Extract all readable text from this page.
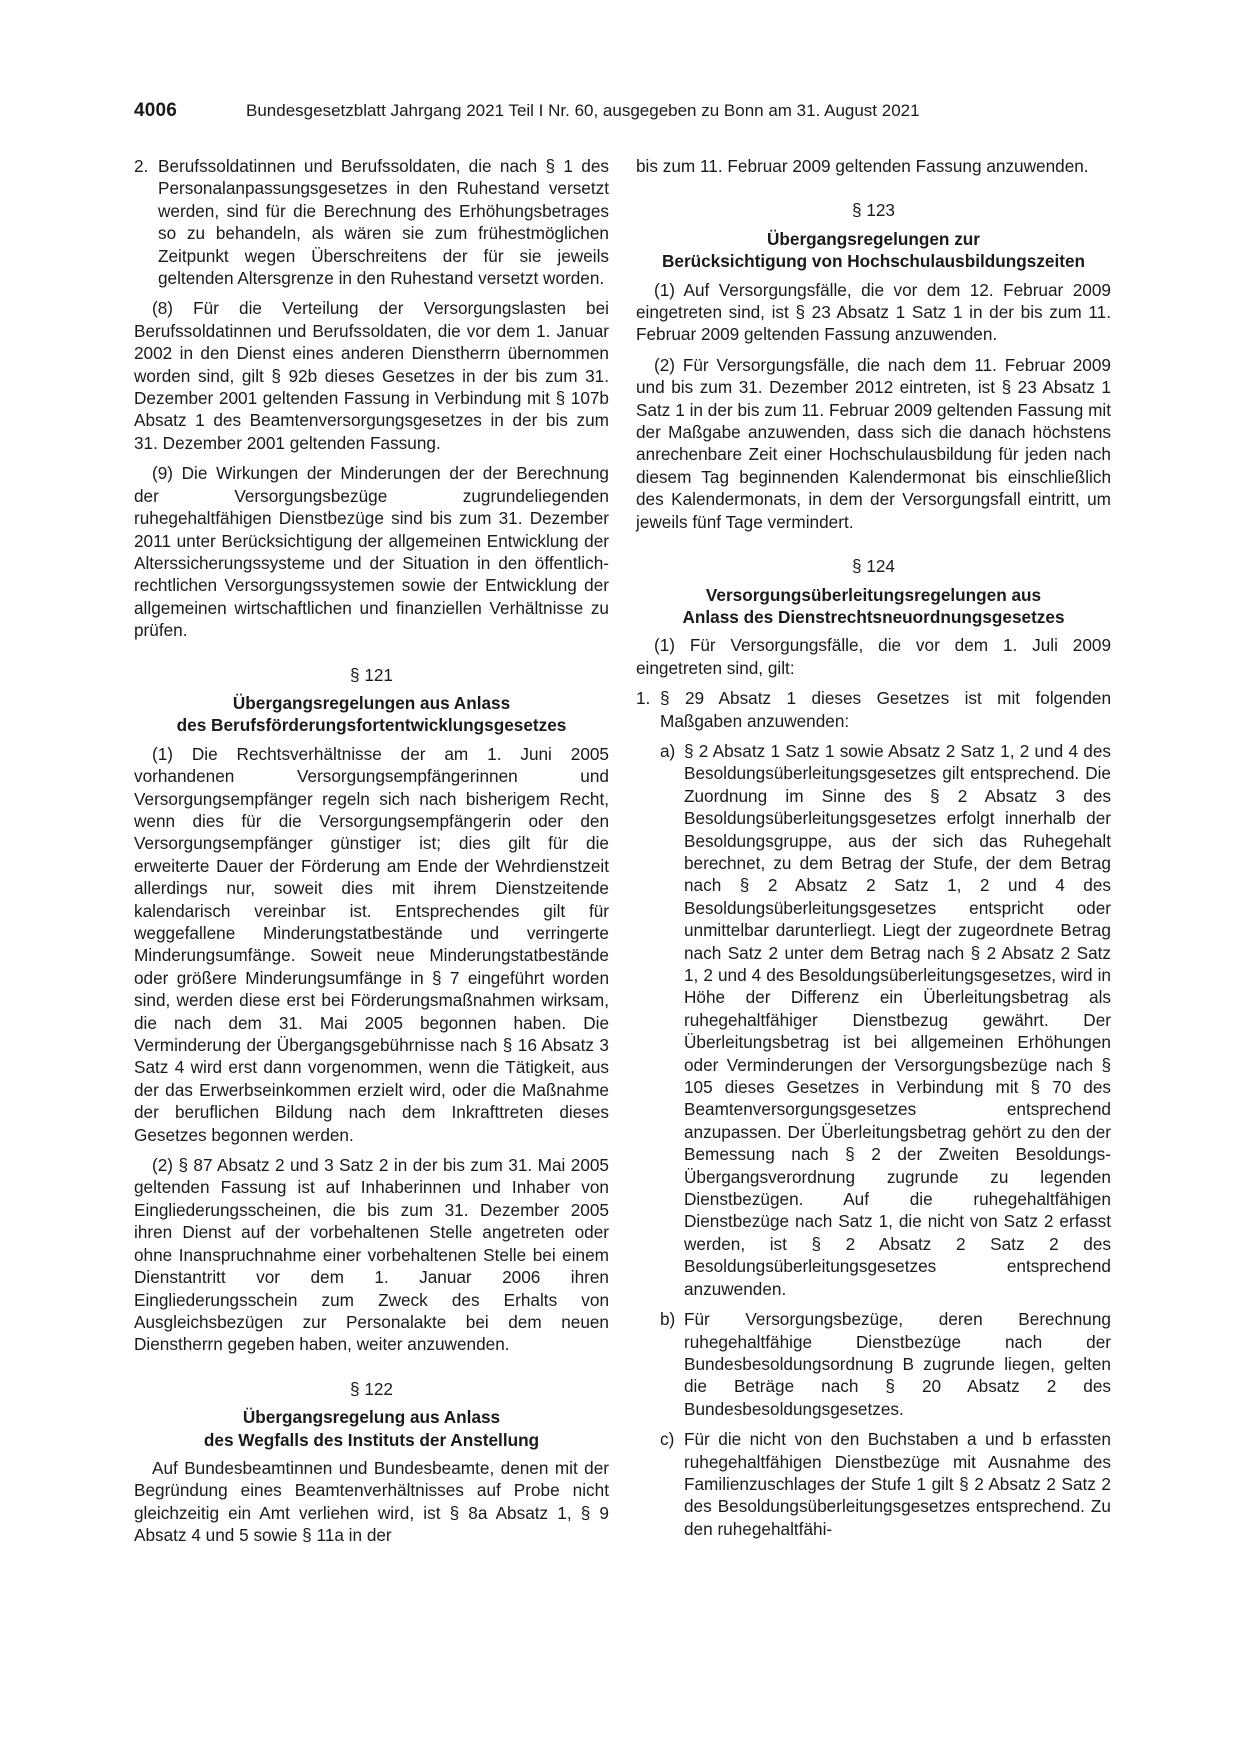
4006	Bundesgesetzblatt Jahrgang 2021 Teil I Nr. 60, ausgegeben zu Bonn am 31. August 2021
2. Berufssoldatinnen und Berufssoldaten, die nach § 1 des Personalanpassungsgesetzes in den Ruhestand versetzt werden, sind für die Berechnung des Erhöhungsbetrages so zu behandeln, als wären sie zum frühestmöglichen Zeitpunkt wegen Überschreitens der für sie jeweils geltenden Altersgrenze in den Ruhestand versetzt worden.

(8) Für die Verteilung der Versorgungslasten bei Berufssoldatinnen und Berufssoldaten, die vor dem 1. Januar 2002 in den Dienst eines anderen Dienstherrn übernommen worden sind, gilt § 92b dieses Gesetzes in der bis zum 31. Dezember 2001 geltenden Fassung in Verbindung mit § 107b Absatz 1 des Beamtenversorgungsgesetzes in der bis zum 31. Dezember 2001 geltenden Fassung.

(9) Die Wirkungen der Minderungen der der Berechnung der Versorgungsbezüge zugrundeliegenden ruhegehaltfähigen Dienstbezüge sind bis zum 31. Dezember 2011 unter Berücksichtigung der allgemeinen Entwicklung der Alterssicherungssysteme und der Situation in den öffentlich-rechtlichen Versorgungssystemen sowie der Entwicklung der allgemeinen wirtschaftlichen und finanziellen Verhältnisse zu prüfen.

§ 121
Übergangsregelungen aus Anlass
des Berufsförderungsfortentwicklungsgesetzes

(1) Die Rechtsverhältnisse der am 1. Juni 2005 vorhandenen Versorgungsempfängerinnen und Versorgungsempfänger regeln sich nach bisherigem Recht, wenn dies für die Versorgungsempfängerin oder den Versorgungsempfänger günstiger ist; dies gilt für die erweiterte Dauer der Förderung am Ende der Wehrdienstzeit allerdings nur, soweit dies mit ihrem Dienstzeitende kalendarisch vereinbar ist. Entsprechendes gilt für weggefallene Minderungstatbestände und verringerte Minderungsumfänge. Soweit neue Minderungstatbestände oder größere Minderungsumfänge in § 7 eingeführt worden sind, werden diese erst bei Förderungsmaßnahmen wirksam, die nach dem 31. Mai 2005 begonnen haben. Die Verminderung der Übergangsgebührnisse nach § 16 Absatz 3 Satz 4 wird erst dann vorgenommen, wenn die Tätigkeit, aus der das Erwerbseinkommen erzielt wird, oder die Maßnahme der beruflichen Bildung nach dem Inkrafttreten dieses Gesetzes begonnen werden.

(2) § 87 Absatz 2 und 3 Satz 2 in der bis zum 31. Mai 2005 geltenden Fassung ist auf Inhaberinnen und Inhaber von Eingliederungsscheinen, die bis zum 31. Dezember 2005 ihren Dienst auf der vorbehaltenen Stelle angetreten oder ohne Inanspruchnahme einer vorbehaltenen Stelle bei einem Dienstantritt vor dem 1. Januar 2006 ihren Eingliederungsschein zum Zweck des Erhalts von Ausgleichsbezügen zur Personalakte bei dem neuen Dienstherrn gegeben haben, weiter anzuwenden.

§ 122
Übergangsregelung aus Anlass
des Wegfalls des Instituts der Anstellung

Auf Bundesbeamtinnen und Bundesbeamte, denen mit der Begründung eines Beamtenverhältnisses auf Probe nicht gleichzeitig ein Amt verliehen wird, ist § 8a Absatz 1, § 9 Absatz 4 und 5 sowie § 11a in der

bis zum 11. Februar 2009 geltenden Fassung anzuwenden.

§ 123
Übergangsregelungen zur
Berücksichtigung von Hochschulausbildungszeiten

(1) Auf Versorgungsfälle, die vor dem 12. Februar 2009 eingetreten sind, ist § 23 Absatz 1 Satz 1 in der bis zum 11. Februar 2009 geltenden Fassung anzuwenden.

(2) Für Versorgungsfälle, die nach dem 11. Februar 2009 und bis zum 31. Dezember 2012 eintreten, ist § 23 Absatz 1 Satz 1 in der bis zum 11. Februar 2009 geltenden Fassung mit der Maßgabe anzuwenden, dass sich die danach höchstens anrechenbare Zeit einer Hochschulausbildung für jeden nach diesem Tag beginnenden Kalendermonat bis einschließlich des Kalendermonats, in dem der Versorgungsfall eintritt, um jeweils fünf Tage vermindert.

§ 124
Versorgungsüberleitungsregelungen aus
Anlass des Dienstrechtsneuordnungsgesetzes

(1) Für Versorgungsfälle, die vor dem 1. Juli 2009 eingetreten sind, gilt:

1. § 29 Absatz 1 dieses Gesetzes ist mit folgenden Maßgaben anzuwenden:
a) § 2 Absatz 1 Satz 1 sowie Absatz 2 Satz 1, 2 und 4 des Besoldungsüberleitungsgesetzes gilt entsprechend. Die Zuordnung im Sinne des § 2 Absatz 3 des Besoldungsüberleitungsgesetzes erfolgt innerhalb der Besoldungsgruppe, aus der sich das Ruhegehalt berechnet, zu dem Betrag der Stufe, der dem Betrag nach § 2 Absatz 2 Satz 1, 2 und 4 des Besoldungsüberleitungsgesetzes entspricht oder unmittelbar darunterliegt. Liegt der zugeordnete Betrag nach Satz 2 unter dem Betrag nach § 2 Absatz 2 Satz 1, 2 und 4 des Besoldungsüberleitungsgesetzes, wird in Höhe der Differenz ein Überleitungsbetrag als ruhegehaltfähiger Dienstbezug gewährt. Der Überleitungsbetrag ist bei allgemeinen Erhöhungen oder Verminderungen der Versorgungsbezüge nach § 105 dieses Gesetzes in Verbindung mit § 70 des Beamtenversorgungsgesetzes entsprechend anzupassen. Der Überleitungsbetrag gehört zu den der Bemessung nach § 2 der Zweiten Besoldungs-Übergangsverordnung zugrunde zu legenden Dienstbezügen. Auf die ruhegehaltfähigen Dienstbezüge nach Satz 1, die nicht von Satz 2 erfasst werden, ist § 2 Absatz 2 Satz 2 des Besoldungsüberleitungsgesetzes entsprechend anzuwenden.
b) Für Versorgungsbezüge, deren Berechnung ruhegehaltfähige Dienstbezüge nach der Bundesbesoldungsordnung B zugrunde liegen, gelten die Beträge nach § 20 Absatz 2 des Bundesbesoldungsgesetzes.
c) Für die nicht von den Buchstaben a und b erfassten ruhegehaltfähigen Dienstbezüge mit Ausnahme des Familienzuschlages der Stufe 1 gilt § 2 Absatz 2 Satz 2 des Besoldungsüberleitungsgesetzes entsprechend. Zu den ruhegehaltfähi-
